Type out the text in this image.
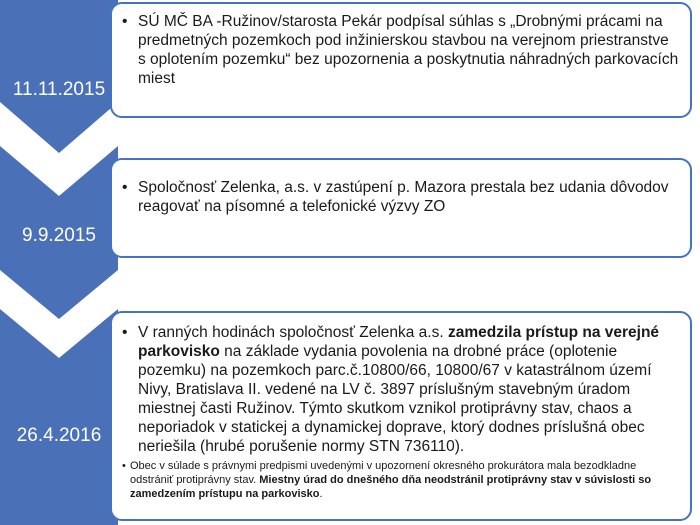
11.11.2015
9.9.2015
26.4.2016
• SÚ MČ BA -Ružinov/starosta Pekár podpísal súhlas s „Drobnými prácami na predmetných pozemkoch pod inžinierskou stavbou na verejnom priestranstve s oplotením pozemku“ bez upozornenia a poskytnutia náhradných parkovacích miest
• Spoločnosť Zelenka, a.s. v zastúpení p. Mazora prestala bez udania dôvodov reagovať na písomné a telefonické výzvy ZO
• V ranných hodinách spoločnosť Zelenka a.s. zamedzila prístup na verejné parkovisko na základe vydania povolenia na drobné práce (oplotenie pozemku) na pozemkoch parc.č.10800/66, 10800/67 v katastrálnom území Nivy, Bratislava II. vedené na LV č. 3897 príslušným stavebným úradom miestnej časti Ružinov. Týmto skutkom vznikol protiprávny stav, chaos a neporiadok v statickej a dynamickej doprave, ktorý dodnes príslušná obec neriešila (hrubé porušenie normy STN 736110).
• Obec v súlade s právnymi predpismi uvedenými v upozornení okresného prokurátora mala bezodkladne odstrániť protiprávny stav. Miestny úrad do dnešného dňa neodstránil protiprávny stav v súvislosti so zamedzením prístupu na parkovisko.
